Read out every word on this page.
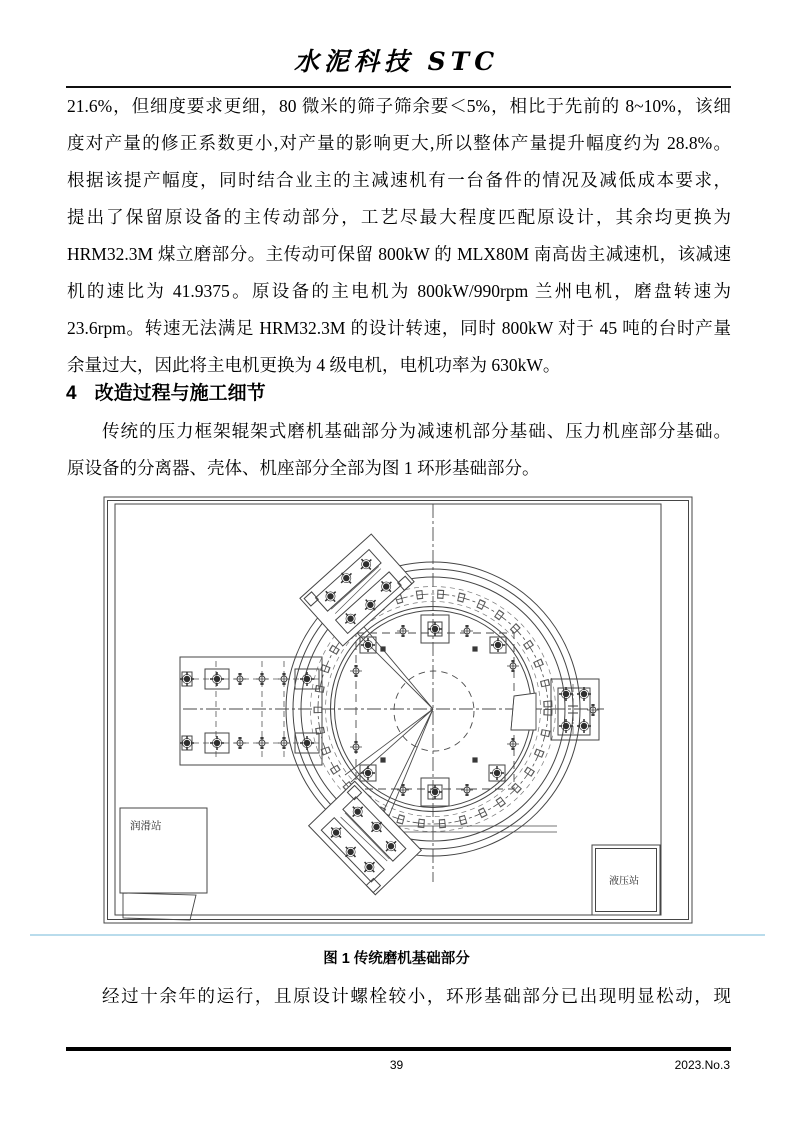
水泥科技 STC
21.6%，但细度要求更细，80 微米的筛子筛余要＜5%，相比于先前的 8~10%，该细
度对产量的修正系数更小,对产量的影响更大,所以整体产量提升幅度约为 28.8%。
根据该提产幅度，同时结合业主的主减速机有一台备件的情况及减低成本要求，
提出了保留原设备的主传动部分，工艺尽最大程度匹配原设计，其余均更换为
HRM32.3M 煤立磨部分。主传动可保留 800kW 的 MLX80M 南高齿主减速机，该减速
机的速比为 41.9375。原设备的主电机为 800kW/990rpm 兰州电机，磨盘转速为
23.6rpm。转速无法满足 HRM32.3M 的设计转速，同时 800kW 对于 45 吨的台时产量
余量过大，因此将主电机更换为 4 级电机，电机功率为 630kW。
4 改造过程与施工细节
传统的压力框架辊架式磨机基础部分为减速机部分基础、压力机座部分基础。
原设备的分离器、壳体、机座部分全部为图 1 环形基础部分。
润滑站
液压站
图 1 传统磨机基础部分
经过十余年的运行，且原设计螺栓较小，环形基础部分已出现明显松动，现
39	2023.No.3
